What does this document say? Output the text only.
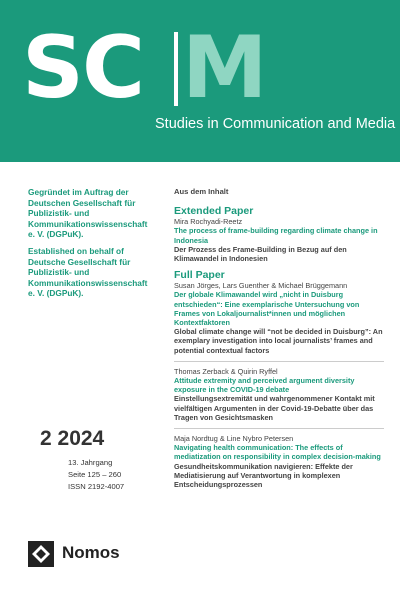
SC M
Studies in Communication and Media

Gegründet im Auftrag der Deutschen Gesellschaft für Publizistik- und Kommunikationswissenschaft e. V. (DGPuK).

Established on behalf of Deutsche Gesellschaft für Publizistik- und Kommunikationswissenschaft e. V. (DGPuK).

Aus dem Inhalt
Extended Paper
Mira Rochyadi-Reetz
The process of frame-building regarding climate change in Indonesia
Der Prozess des Frame-Building in Bezug auf den Klimawandel in Indonesien
Full Paper
Susan Jörges, Lars Guenther & Michael Brüggemann
Der globale Klimawandel wird „nicht in Duisburg entschieden“: Eine exemplarische Untersuchung von Frames von Lokaljournalist*innen und möglichen Kontextfaktoren
Global climate change will “not be decided in Duisburg”: An exemplary investigation into local journalists’ frames and potential contextual factors
Thomas Zerback & Quirin Ryffel
Attitude extremity and perceived argument diversity exposure in the COVID-19 debate
Einstellungsextremität und wahrgenommener Kontakt mit vielfältigen Argumenten in der Covid-19-Debatte über das Tragen von Gesichtsmasken
Maja Nordtug & Line Nybro Petersen
Navigating health communication: The effects of mediatization on responsibility in complex decision-making
Gesundheitskommunikation navigieren: Effekte der Mediatisierung auf Verantwortung in komplexen Entscheidungsprozessen
2 2024
13. Jahrgang
Seite 125 – 260
ISSN 2192-4007
Nomos
